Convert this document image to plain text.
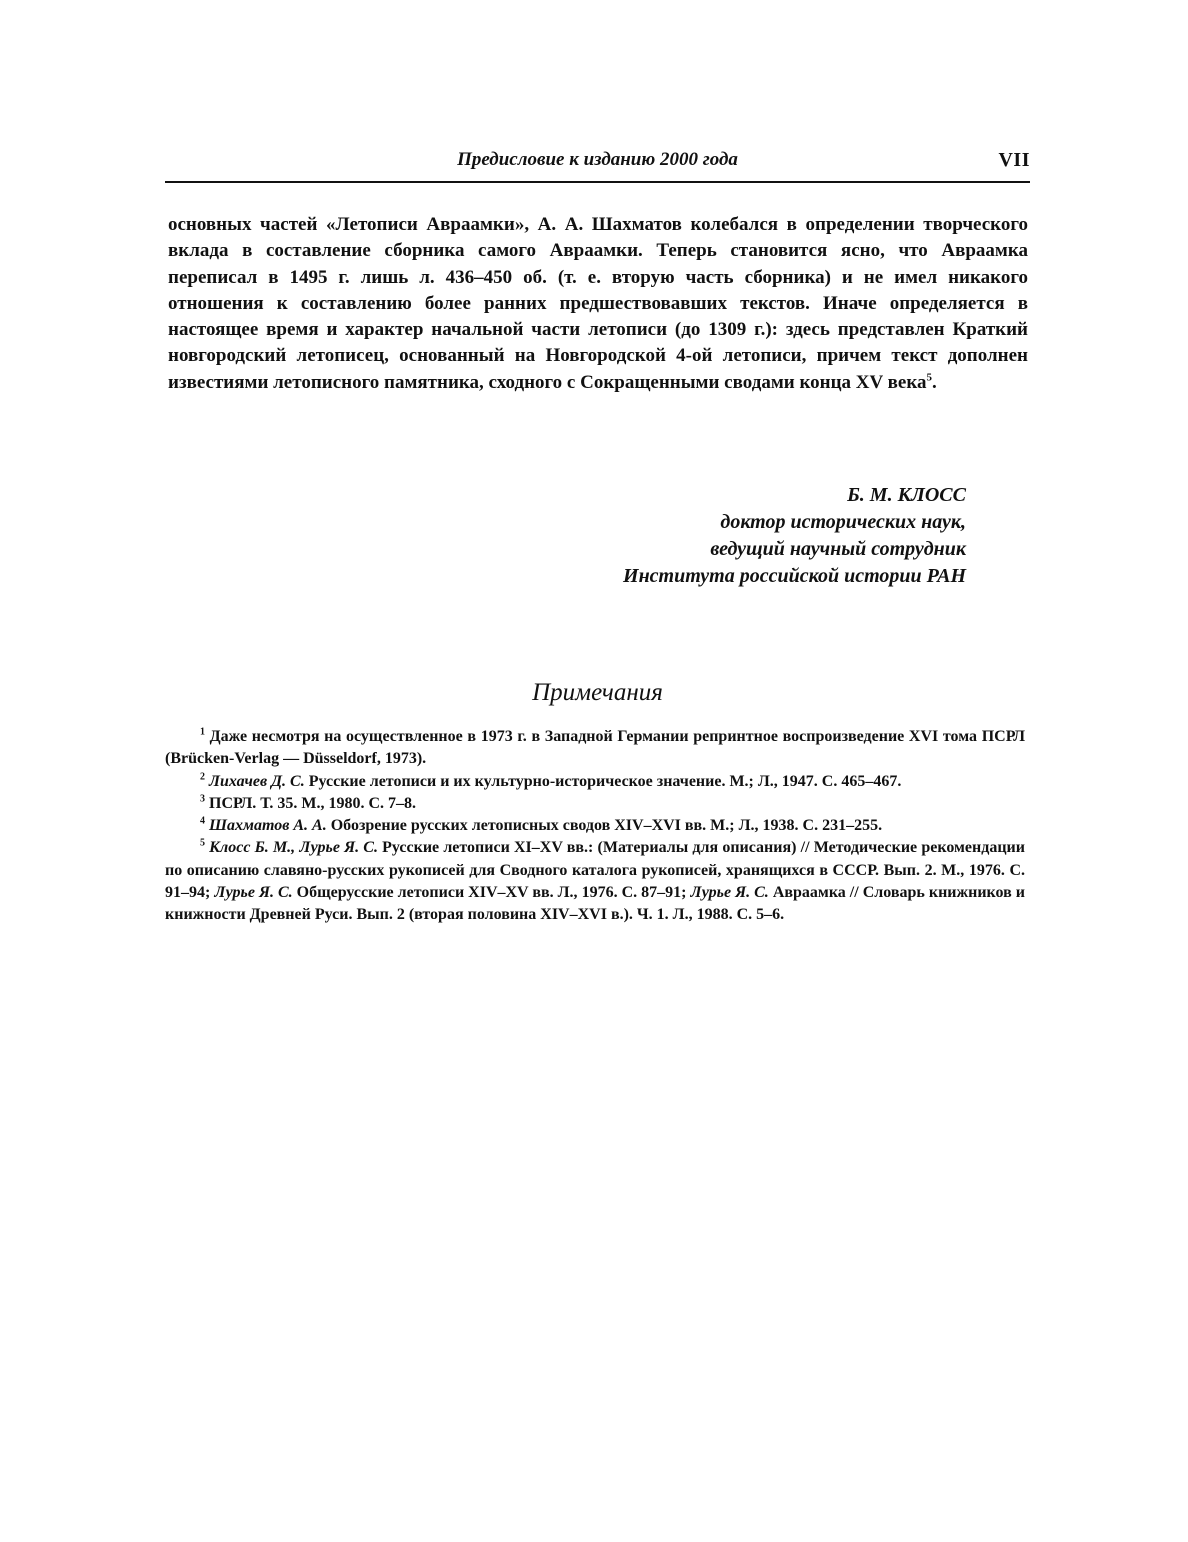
Предисловие к изданию 2000 года	VII

основных частей «Летописи Авраамки», А. А. Шахматов колебался в определении творческого вклада в составление сборника самого Авраамки. Теперь становится ясно, что Авраамка переписал в 1495 г. лишь л. 436–450 об. (т. е. вторую часть сборника) и не имел никакого отношения к составлению более ранних предшествовавших текстов. Иначе определяется в настоящее время и характер начальной части летописи (до 1309 г.): здесь представлен Краткий новгородский летописец, основанный на Новгородской 4-ой летописи, причем текст дополнен известиями летописного памятника, сходного с Сокращенными сводами конца XV века$^5$.

Б. М. КЛОСС
доктор исторических наук,
ведущий научный сотрудник
Института российской истории РАН
Примечания

$^1$ Даже несмотря на осуществленное в 1973 г. в Западной Германии репринтное воспроизведение XVI тома ПСРЛ (Brücken-Verlag — Düsseldorf, 1973).

$^2$ Лихачев Д. С. Русские летописи и их культурно-историческое значение. М.; Л., 1947. С. 465–467.

$^3$ ПСРЛ. Т. 35. М., 1980. С. 7–8.

$^4$ Шахматов А. А. Обозрение русских летописных сводов XIV–XVI вв. М.; Л., 1938. С. 231–255.

$^5$ Клосс Б. М., Лурье Я. С. Русские летописи XI–XV вв.: (Материалы для описания) // Методические рекомендации по описанию славяно-русских рукописей для Сводного каталога рукописей, хранящихся в СССР. Вып. 2. М., 1976. С. 91–94; Лурье Я. С. Общерусские летописи XIV–XV вв. Л., 1976. С. 87–91; Лурье Я. С. Авраамка // Словарь книжников и книжности Древней Руси. Вып. 2 (вторая половина XIV–XVI в.). Ч. 1. Л., 1988. С. 5–6.
